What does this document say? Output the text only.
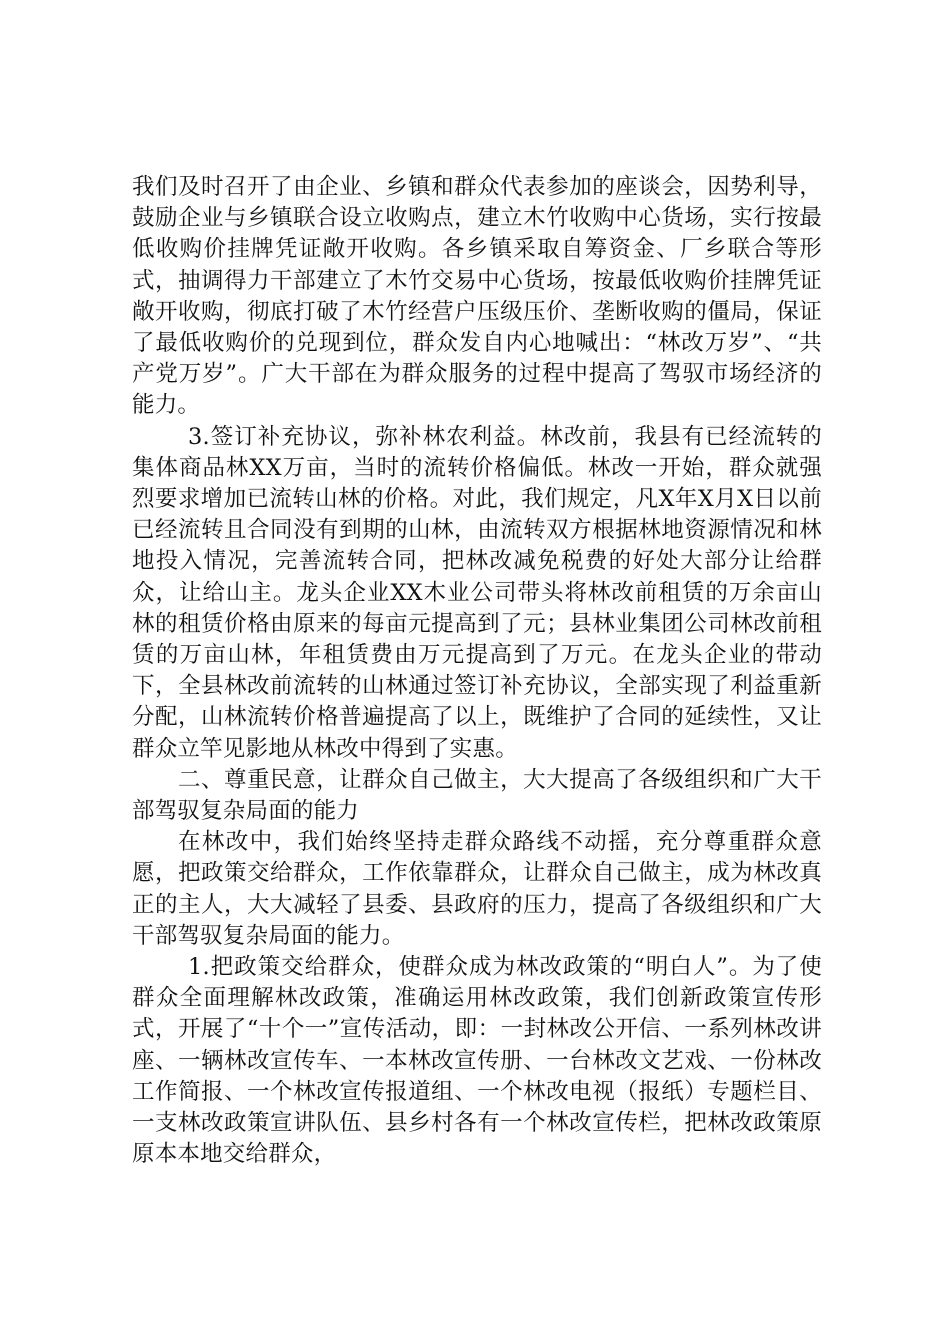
我们及时召开了由企业、乡镇和群众代表参加的座谈会，因势利导，鼓励企业与乡镇联合设立收购点，建立木竹收购中心货场，实行按最低收购价挂牌凭证敞开收购。各乡镇采取自筹资金、厂乡联合等形式，抽调得力干部建立了木竹交易中心货场，按最低收购价挂牌凭证敞开收购，彻底打破了木竹经营户压级压价、垄断收购的僵局，保证了最低收购价的兑现到位，群众发自内心地喊出：“林改万岁”、“共产党万岁”。广大干部在为群众服务的过程中提高了驾驭市场经济的能力。

3.签订补充协议，弥补林农利益。林改前，我县有已经流转的集体商品林XX万亩，当时的流转价格偏低。林改一开始，群众就强烈要求增加已流转山林的价格。对此，我们规定，凡X年X月X日以前已经流转且合同没有到期的山林，由流转双方根据林地资源情况和林地投入情况，完善流转合同，把林改减免税费的好处大部分让给群众，让给山主。龙头企业XX木业公司带头将林改前租赁的万余亩山林的租赁价格由原来的每亩元提高到了元；县林业集团公司林改前租赁的万亩山林，年租赁费由万元提高到了万元。在龙头企业的带动下，全县林改前流转的山林通过签订补充协议，全部实现了利益重新分配，山林流转价格普遍提高了以上，既维护了合同的延续性，又让群众立竿见影地从林改中得到了实惠。

二、尊重民意，让群众自己做主，大大提高了各级组织和广大干部驾驭复杂局面的能力

在林改中，我们始终坚持走群众路线不动摇，充分尊重群众意愿，把政策交给群众，工作依靠群众，让群众自己做主，成为林改真正的主人，大大减轻了县委、县政府的压力，提高了各级组织和广大干部驾驭复杂局面的能力。

1.把政策交给群众，使群众成为林改政策的“明白人”。为了使群众全面理解林改政策，准确运用林改政策，我们创新政策宣传形式，开展了“十个一”宣传活动，即：一封林改公开信、一系列林改讲座、一辆林改宣传车、一本林改宣传册、一台林改文艺戏、一份林改工作简报、一个林改宣传报道组、一个林改电视（报纸）专题栏目、一支林改政策宣讲队伍、县乡村各有一个林改宣传栏，把林改政策原原本本地交给群众，
